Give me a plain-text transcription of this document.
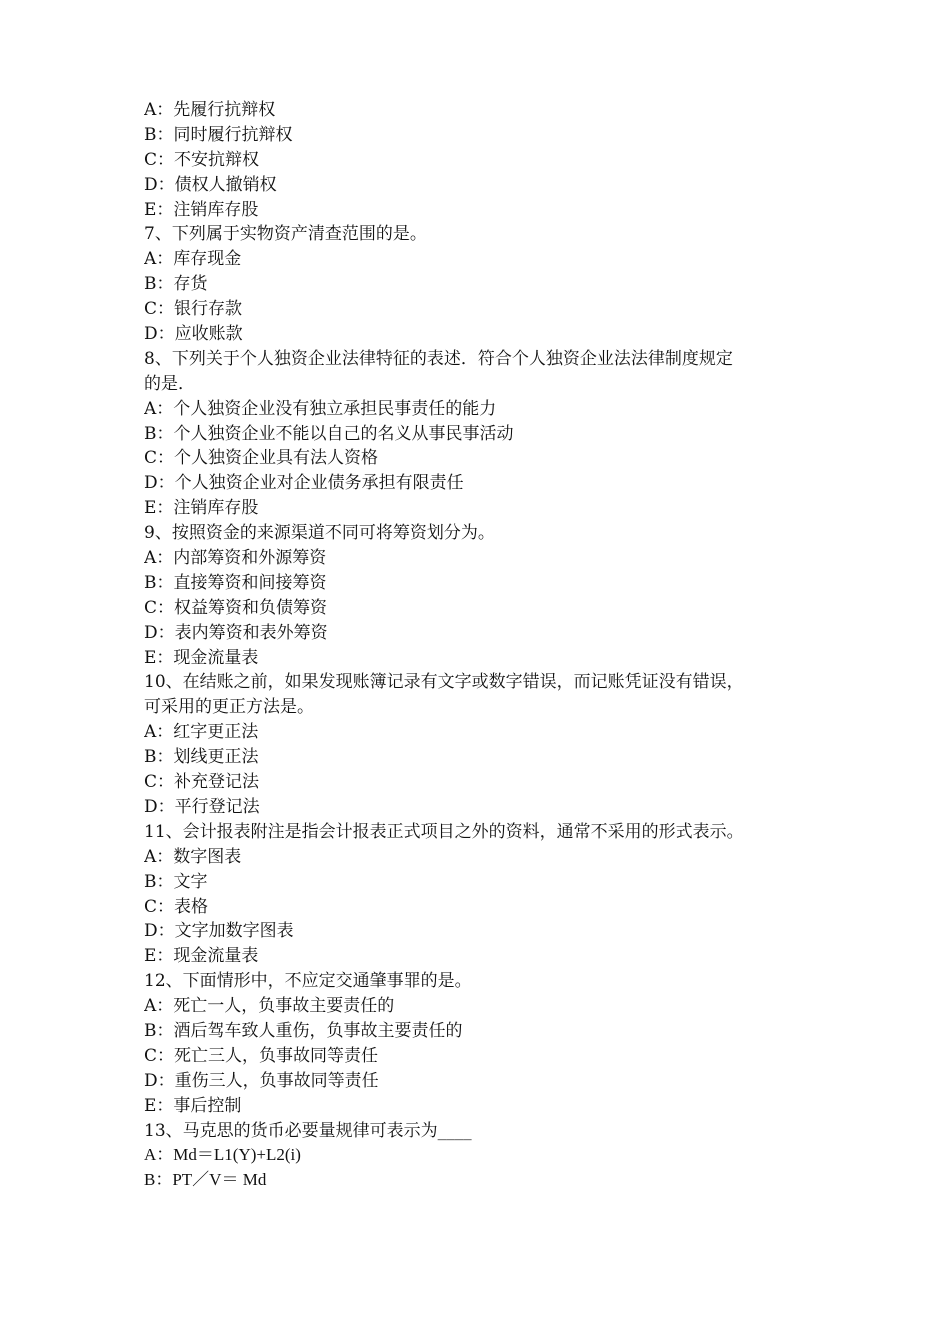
A：先履行抗辩权
B：同时履行抗辩权
C：不安抗辩权
D：债权人撤销权
E：注销库存股
7、下列属于实物资产清查范围的是。
A：库存现金
B：存货
C：银行存款
D：应收账款
8、下列关于个人独资企业法律特征的表述．符合个人独资企业法法律制度规定
的是．
A：个人独资企业没有独立承担民事责任的能力
B：个人独资企业不能以自己的名义从事民事活动
C：个人独资企业具有法人资格
D：个人独资企业对企业债务承担有限责任
E：注销库存股
9、按照资金的来源渠道不同可将筹资划分为。
A：内部筹资和外源筹资
B：直接筹资和间接筹资
C：权益筹资和负债筹资
D：表内筹资和表外筹资
E：现金流量表
10、在结账之前，如果发现账簿记录有文字或数字错误，而记账凭证没有错误，
可采用的更正方法是。
A：红字更正法
B：划线更正法
C：补充登记法
D：平行登记法
11、会计报表附注是指会计报表正式项目之外的资料，通常不采用的形式表示。
A：数字图表
B：文字
C：表格
D：文字加数字图表
E：现金流量表
12、下面情形中，不应定交通肇事罪的是。
A：死亡一人，负事故主要责任的
B：酒后驾车致人重伤，负事故主要责任的
C：死亡三人，负事故同等责任
D：重伤三人，负事故同等责任
E：事后控制
13、马克思的货币必要量规律可表示为____
A：Md＝L1(Y)+L2(i)
B：PT／V＝ Md
